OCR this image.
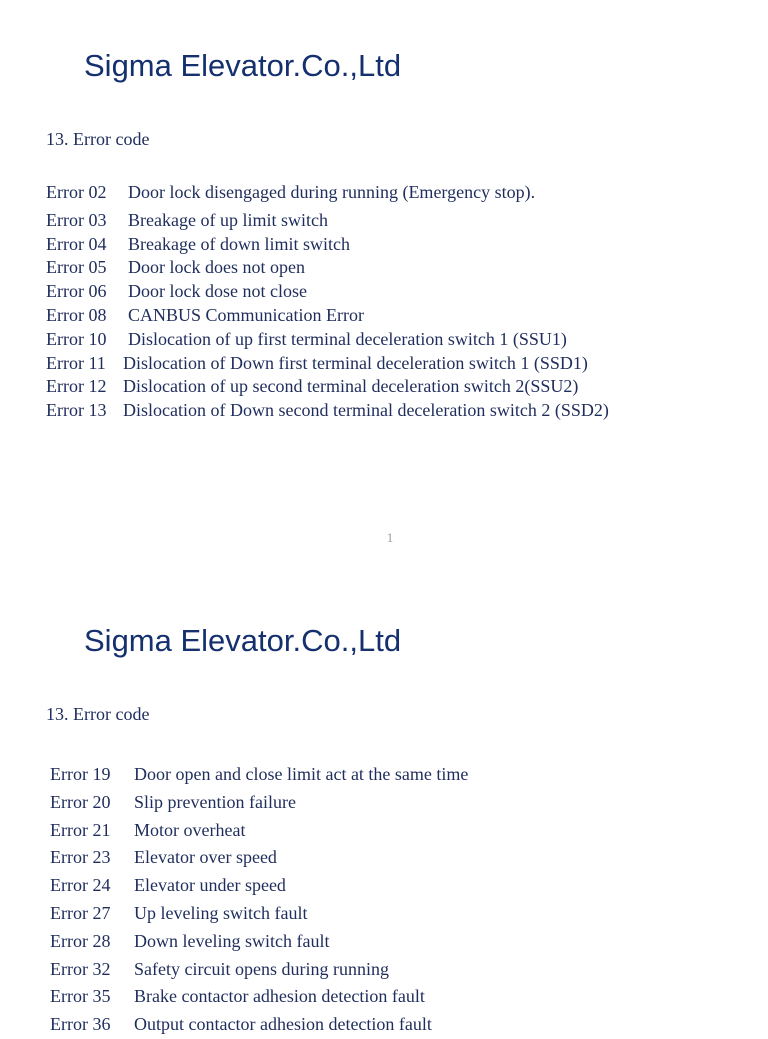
Sigma Elevator.Co.,Ltd
13. Error code
Error 02	Door lock disengaged during running (Emergency stop).
Error 03	Breakage of up limit switch
Error 04	Breakage of down limit switch
Error 05	Door lock does not open
Error 06	Door lock dose not close
Error 08	CANBUS Communication Error
Error 10	Dislocation of up first terminal deceleration switch 1 (SSU1)
Error 11 Dislocation of Down first terminal deceleration switch 1 (SSD1)
Error 12 Dislocation of up second terminal deceleration switch 2(SSU2)
Error 13 Dislocation of Down second terminal deceleration switch 2 (SSD2)
1
Sigma Elevator.Co.,Ltd
13. Error code
Error 19	Door open and close limit act at the same time
Error 20	Slip prevention failure
Error 21	Motor overheat
Error 23	Elevator over speed
Error 24	Elevator under speed
Error 27	Up leveling switch fault
Error 28	Down leveling switch fault
Error 32	Safety circuit opens during running
Error 35	Brake contactor adhesion detection fault
Error 36	Output contactor adhesion detection fault
